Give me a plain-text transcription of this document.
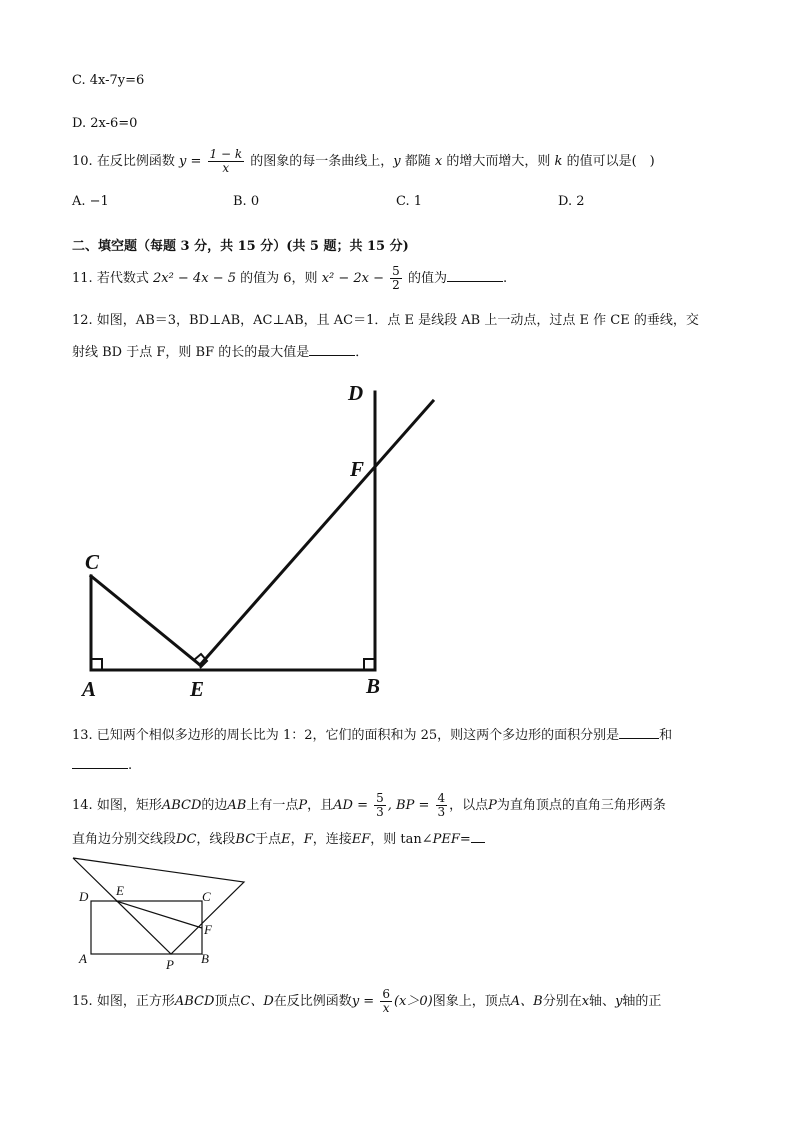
C. 4x-7y=6
D. 2x-6=0
10. 在反比例函数 $y = \frac{1 - k}{x}$ 的图象的每一条曲线上，y 都随 x 的增大而增大，则 k 的值可以是(　)
A. −1	B. 0	C. 1	D. 2
二、填空题（每题 3 分，共 15 分）(共 5 题；共 15 分)
11. 若代数式 2x² − 4x − 5 的值为 6，则 $x^2 - 2x - \frac{5}{2}$ 的值为	.
12. 如图，AB＝3，BD⊥AB，AC⊥AB，且 AC＝1．点 E 是线段 AB 上一动点，过点 E 作 CE 的垂线，交
射线 BD 于点 F，则 BF 的长的最大值是	．
A	E	B
C
D
F
D E	C
F
A	P B
13. 已知两个相似多边形的周长比为 1：2，它们的面积和为 25，则这两个多边形的面积分别是	和
.
14. 如图，矩形ABCD的边AB上有一点P，且AD = $\frac{5}{3}$ , BP = $\frac{4}{3}$ ，以点P为直角顶点的直角三角形两条
直角边分别交线段DC，线段BC于点E，F，连接EF，则 tan∠PEF=
15. 如图，正方形ABCD顶点C、D在反比例函数$y = \frac{6}{x} (x>0)$图象上，顶点A、B分别在x轴、y轴的正
